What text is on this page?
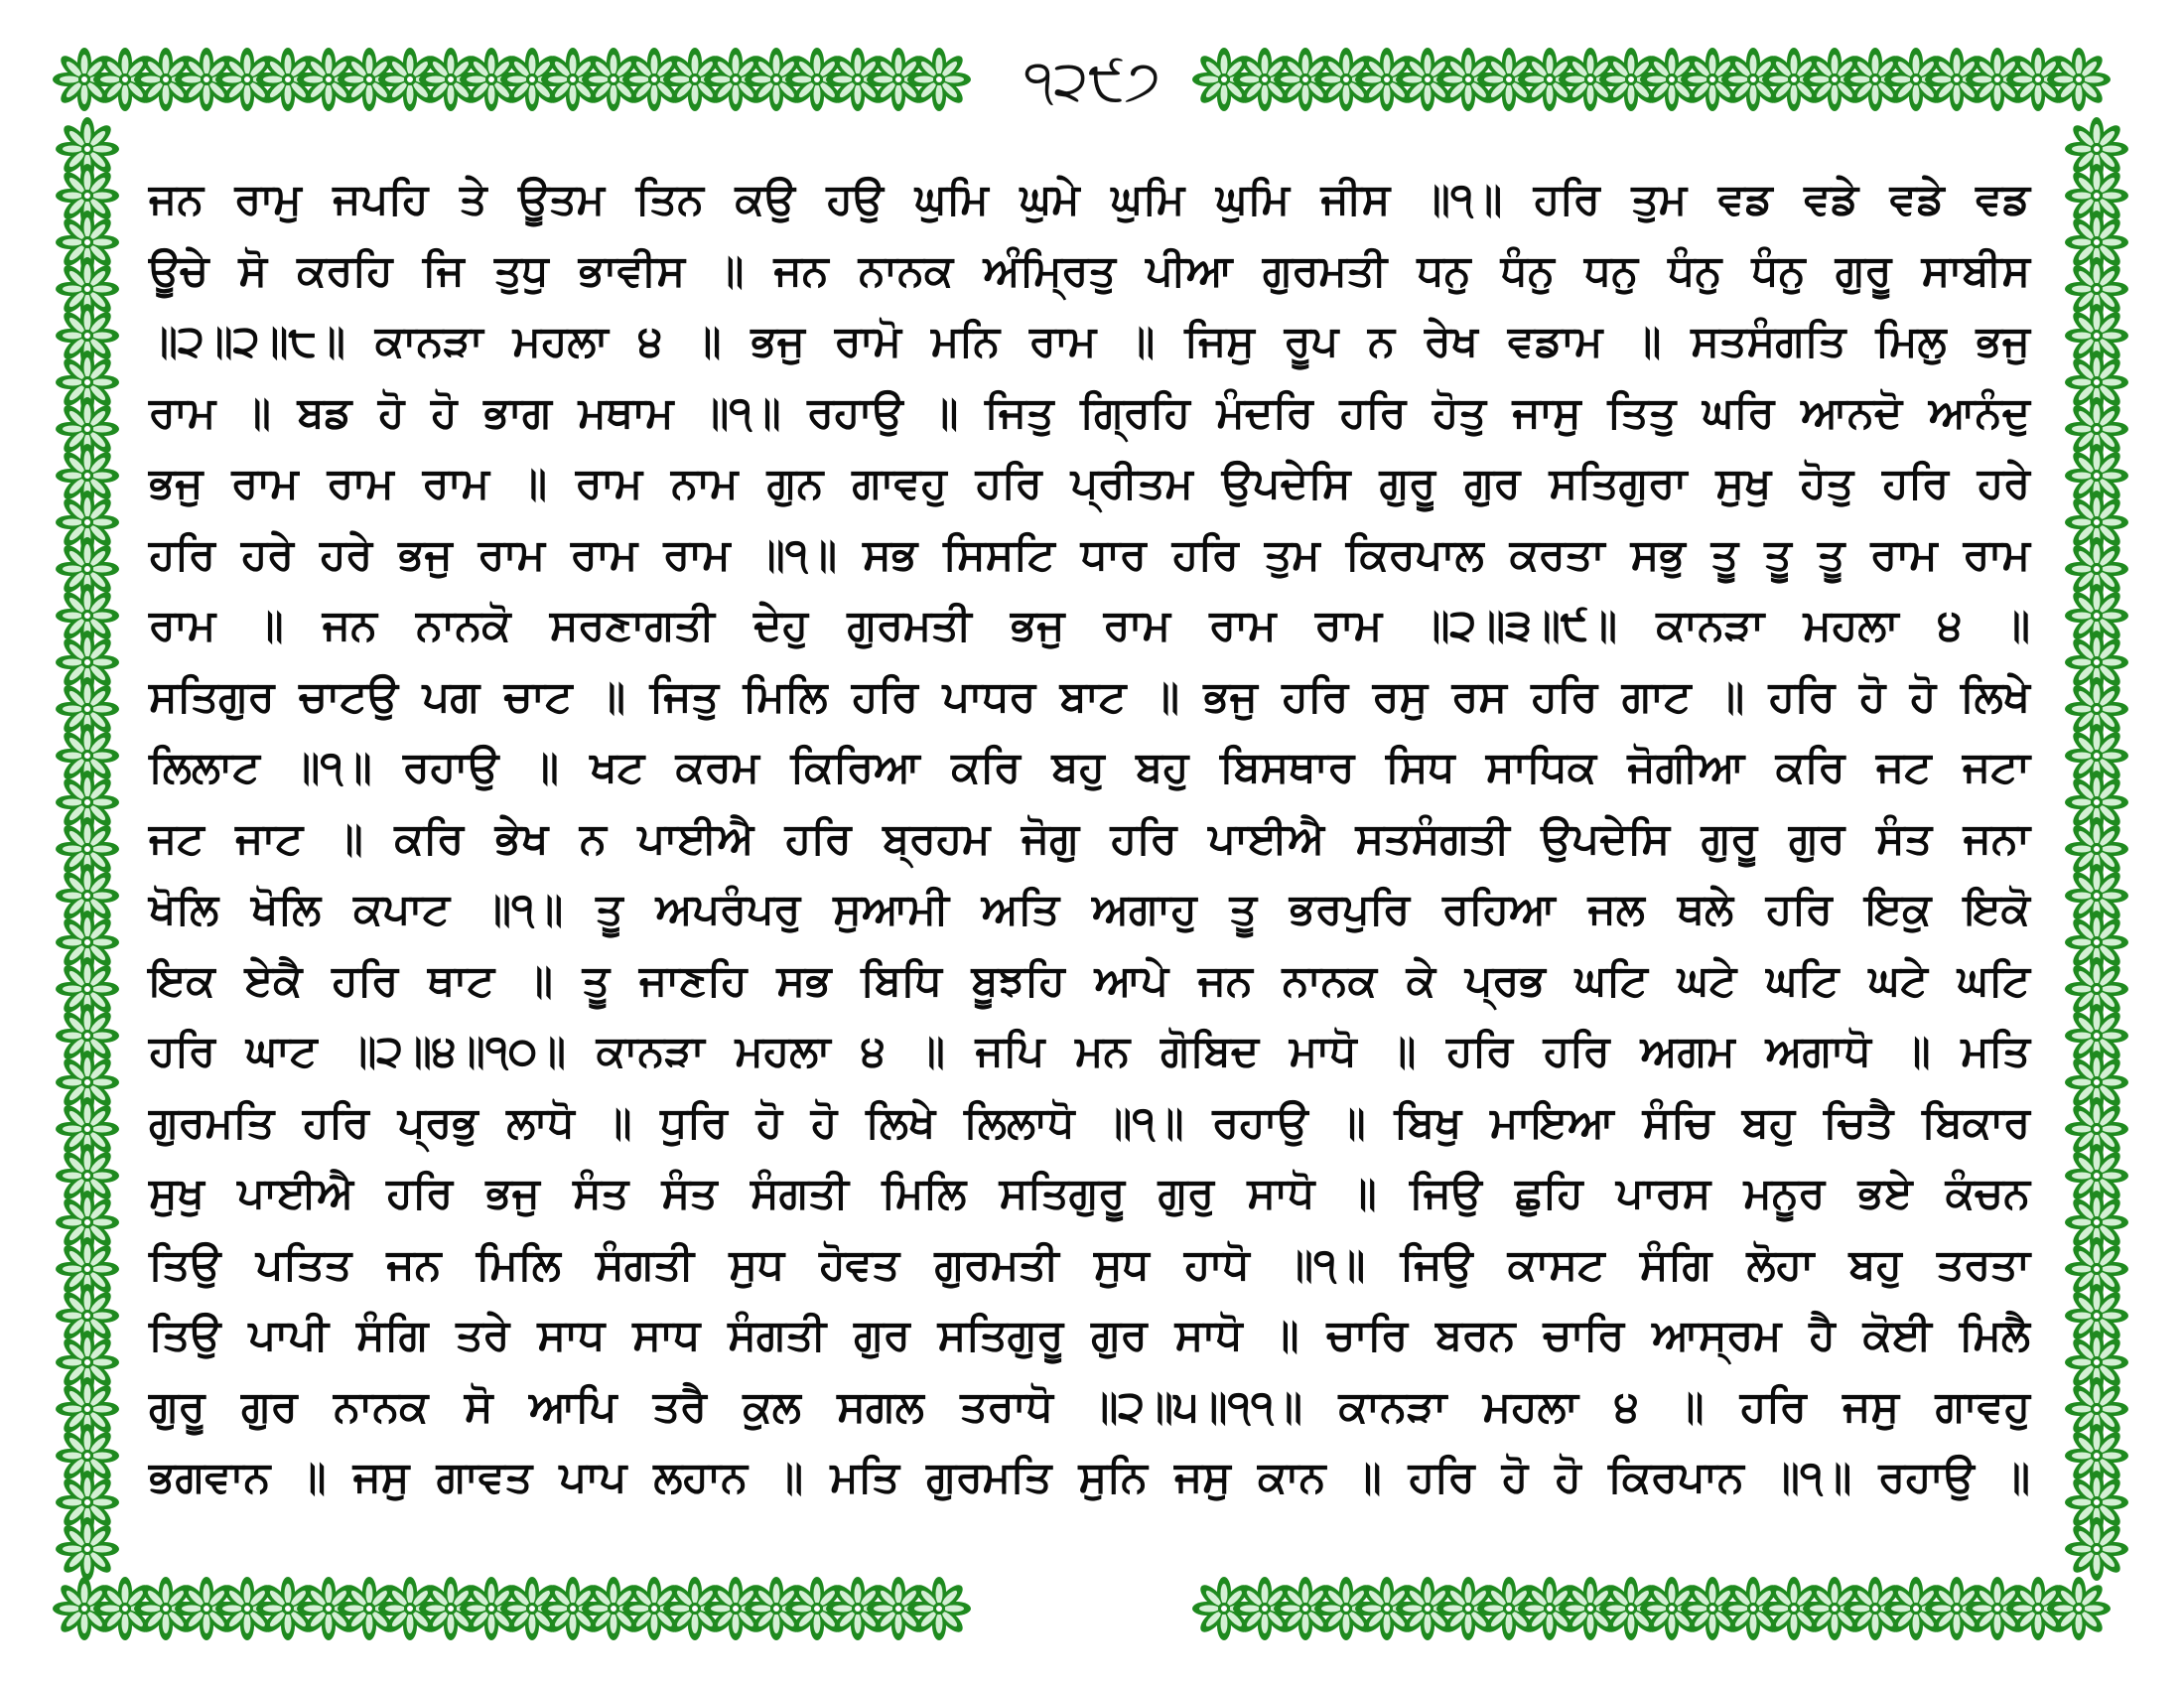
੧੨੯੭
ਜਨ ਰਾਮੁ ਜਪਹਿ ਤੇ ਊਤਮ ਤਿਨ ਕਉ ਹਉ ਘੁਮਿ ਘੁਮੇ ਘੁਮਿ ਘੁਮਿ ਜੀਸ ॥੧॥ ਹਰਿ ਤੁਮ ਵਡ ਵਡੇ ਵਡੇ ਵਡ
ਊਚੇ ਸੋ ਕਰਹਿ ਜਿ ਤੁਧੁ ਭਾਵੀਸ ॥ ਜਨ ਨਾਨਕ ਅੰਮ੍ਰਿਤੁ ਪੀਆ ਗੁਰਮਤੀ ਧਨੁ ਧੰਨੁ ਧਨੁ ਧੰਨੁ ਧੰਨੁ ਗੁਰੂ ਸਾਬੀਸ
॥੨॥੨॥੮॥ ਕਾਨੜਾ ਮਹਲਾ ੪ ॥ ਭਜੁ ਰਾਮੋ ਮਨਿ ਰਾਮ ॥ ਜਿਸੁ ਰੂਪ ਨ ਰੇਖ ਵਡਾਮ ॥ ਸਤਸੰਗਤਿ ਮਿਲੁ ਭਜੁ
ਰਾਮ ॥ ਬਡ ਹੋ ਹੋ ਭਾਗ ਮਥਾਮ ॥੧॥ ਰਹਾਉ ॥ ਜਿਤੁ ਗ੍ਰਿਹਿ ਮੰਦਰਿ ਹਰਿ ਹੋਤੁ ਜਾਸੁ ਤਿਤੁ ਘਰਿ ਆਨਦੋ ਆਨੰਦੁ
ਭਜੁ ਰਾਮ ਰਾਮ ਰਾਮ ॥ ਰਾਮ ਨਾਮ ਗੁਨ ਗਾਵਹੁ ਹਰਿ ਪ੍ਰੀਤਮ ਉਪਦੇਸਿ ਗੁਰੂ ਗੁਰ ਸਤਿਗੁਰਾ ਸੁਖੁ ਹੋਤੁ ਹਰਿ ਹਰੇ
ਹਰਿ ਹਰੇ ਹਰੇ ਭਜੁ ਰਾਮ ਰਾਮ ਰਾਮ ॥੧॥ ਸਭ ਸਿਸਟਿ ਧਾਰ ਹਰਿ ਤੁਮ ਕਿਰਪਾਲ ਕਰਤਾ ਸਭੁ ਤੂ ਤੂ ਤੂ ਰਾਮ ਰਾਮ
ਰਾਮ ॥ ਜਨ ਨਾਨਕੋ ਸਰਣਾਗਤੀ ਦੇਹੁ ਗੁਰਮਤੀ ਭਜੁ ਰਾਮ ਰਾਮ ਰਾਮ ॥੨॥੩॥੯॥ ਕਾਨੜਾ ਮਹਲਾ ੪ ॥
ਸਤਿਗੁਰ ਚਾਟਉ ਪਗ ਚਾਟ ॥ ਜਿਤੁ ਮਿਲਿ ਹਰਿ ਪਾਧਰ ਬਾਟ ॥ ਭਜੁ ਹਰਿ ਰਸੁ ਰਸ ਹਰਿ ਗਾਟ ॥ ਹਰਿ ਹੋ ਹੋ ਲਿਖੇ
ਲਿਲਾਟ ॥੧॥ ਰਹਾਉ ॥ ਖਟ ਕਰਮ ਕਿਰਿਆ ਕਰਿ ਬਹੁ ਬਹੁ ਬਿਸਥਾਰ ਸਿਧ ਸਾਧਿਕ ਜੋਗੀਆ ਕਰਿ ਜਟ ਜਟਾ
ਜਟ ਜਾਟ ॥ ਕਰਿ ਭੇਖ ਨ ਪਾਈਐ ਹਰਿ ਬ੍ਰਹਮ ਜੋਗੁ ਹਰਿ ਪਾਈਐ ਸਤਸੰਗਤੀ ਉਪਦੇਸਿ ਗੁਰੂ ਗੁਰ ਸੰਤ ਜਨਾ
ਖੋਲਿ ਖੋਲਿ ਕਪਾਟ ॥੧॥ ਤੂ ਅਪਰੰਪਰੁ ਸੁਆਮੀ ਅਤਿ ਅਗਾਹੁ ਤੂ ਭਰਪੁਰਿ ਰਹਿਆ ਜਲ ਥਲੇ ਹਰਿ ਇਕੁ ਇਕੋ
ਇਕ ਏਕੈ ਹਰਿ ਥਾਟ ॥ ਤੂ ਜਾਣਹਿ ਸਭ ਬਿਧਿ ਬੂਝਹਿ ਆਪੇ ਜਨ ਨਾਨਕ ਕੇ ਪ੍ਰਭ ਘਟਿ ਘਟੇ ਘਟਿ ਘਟੇ ਘਟਿ
ਹਰਿ ਘਾਟ ॥੨॥੪॥੧੦॥ ਕਾਨੜਾ ਮਹਲਾ ੪ ॥ ਜਪਿ ਮਨ ਗੋਬਿਦ ਮਾਧੋ ॥ ਹਰਿ ਹਰਿ ਅਗਮ ਅਗਾਧੋ ॥ ਮਤਿ
ਗੁਰਮਤਿ ਹਰਿ ਪ੍ਰਭੁ ਲਾਧੋ ॥ ਧੁਰਿ ਹੋ ਹੋ ਲਿਖੇ ਲਿਲਾਧੋ ॥੧॥ ਰਹਾਉ ॥ ਬਿਖੁ ਮਾਇਆ ਸੰਚਿ ਬਹੁ ਚਿਤੈ ਬਿਕਾਰ
ਸੁਖੁ ਪਾਈਐ ਹਰਿ ਭਜੁ ਸੰਤ ਸੰਤ ਸੰਗਤੀ ਮਿਲਿ ਸਤਿਗੁਰੂ ਗੁਰੁ ਸਾਧੋ ॥ ਜਿਉ ਛੁਹਿ ਪਾਰਸ ਮਨੂਰ ਭਏ ਕੰਚਨ
ਤਿਉ ਪਤਿਤ ਜਨ ਮਿਲਿ ਸੰਗਤੀ ਸੁਧ ਹੋਵਤ ਗੁਰਮਤੀ ਸੁਧ ਹਾਧੋ ॥੧॥ ਜਿਉ ਕਾਸਟ ਸੰਗਿ ਲੋਹਾ ਬਹੁ ਤਰਤਾ
ਤਿਉ ਪਾਪੀ ਸੰਗਿ ਤਰੇ ਸਾਧ ਸਾਧ ਸੰਗਤੀ ਗੁਰ ਸਤਿਗੁਰੂ ਗੁਰ ਸਾਧੋ ॥ ਚਾਰਿ ਬਰਨ ਚਾਰਿ ਆਸ੍ਰਮ ਹੈ ਕੋਈ ਮਿਲੈ
ਗੁਰੂ ਗੁਰ ਨਾਨਕ ਸੋ ਆਪਿ ਤਰੈ ਕੁਲ ਸਗਲ ਤਰਾਧੋ ॥੨॥੫॥੧੧॥ ਕਾਨੜਾ ਮਹਲਾ ੪ ॥ ਹਰਿ ਜਸੁ ਗਾਵਹੁ
ਭਗਵਾਨ ॥ ਜਸੁ ਗਾਵਤ ਪਾਪ ਲਹਾਨ ॥ ਮਤਿ ਗੁਰਮਤਿ ਸੁਨਿ ਜਸੁ ਕਾਨ ॥ ਹਰਿ ਹੋ ਹੋ ਕਿਰਪਾਨ ॥੧॥ ਰਹਾਉ ॥
